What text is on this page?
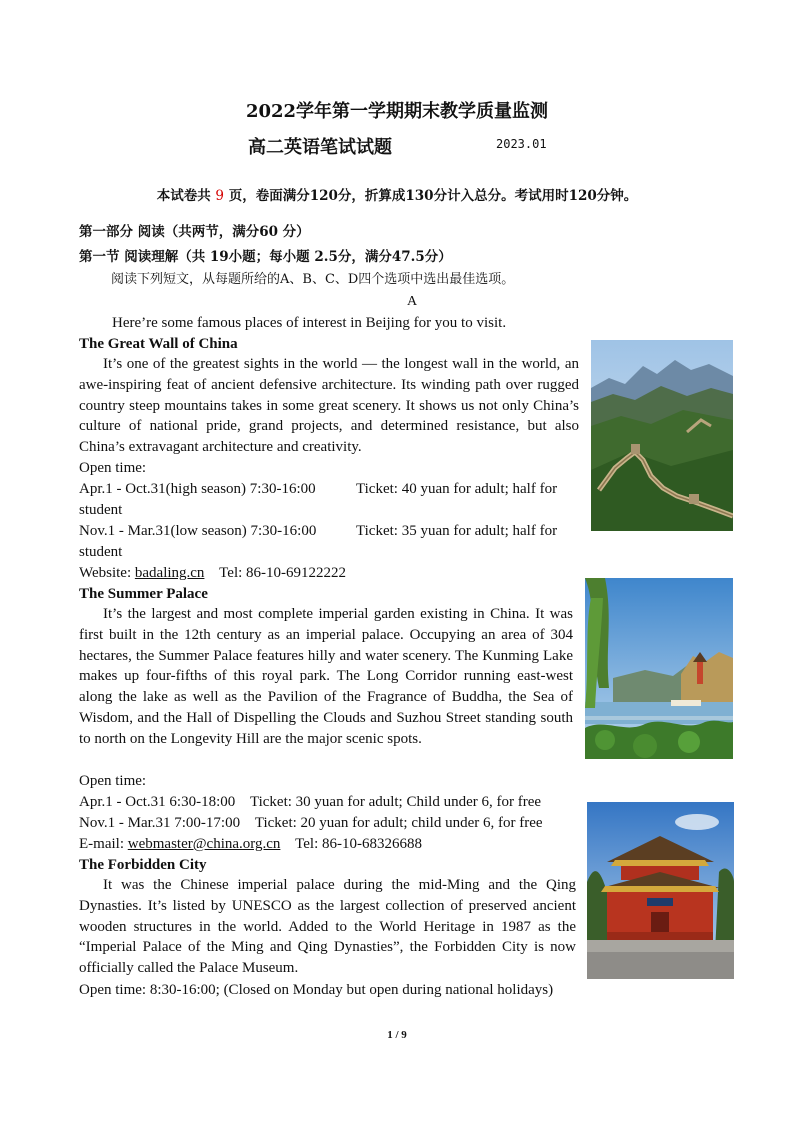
2022学年第一学期期末教学质量监测
高二英语笔试试题	2023.01
本试卷共 9 页，卷面满分120分，折算成130分计入总分。考试用时120分钟。
第一部分 阅读（共两节，满分60 分）
第一节 阅读理解（共 19小题；每小题 2.5分，满分47.5分）
阅读下列短文，从每题所给的A、B、C、D四个选项中选出最佳选项。
A
Here’re some famous places of interest in Beijing for you to visit.
The Great Wall of China
It’s one of the greatest sights in the world — the longest wall in the world, an awe-inspiring feat of ancient defensive architecture. Its winding path over rugged country steep mountains takes in some great scenery. It shows us not only China’s culture of national pride, grand projects, and determined resistance, but also China’s extravagant architecture and creativity.
Open time:
Apr.1 - Oct.31(high season) 7:30-16:00	Ticket: 40 yuan for adult; half for
student
Nov.1 - Mar.31(low season) 7:30-16:00	Ticket: 35 yuan for adult; half for
student
Website: badaling.cn Tel: 86-10-69122222
The Summer Palace
It’s the largest and most complete imperial garden existing in China. It was first built in the 12th century as an imperial palace. Occupying an area of 304 hectares, the Summer Palace features hilly and water scenery. The Kunming Lake makes up four-fifths of this royal park. The Long Corridor running east-west along the lake as well as the Pavilion of the Fragrance of Buddha, the Sea of Wisdom, and the Hall of Dispelling the Clouds and Suzhou Street standing south to north on the Longevity Hill are the major scenic spots.
Open time:
Apr.1 - Oct.31 6:30-18:00    Ticket: 30 yuan for adult; Child under 6, for free
Nov.1 - Mar.31 7:00-17:00    Ticket: 20 yuan for adult; child under 6, for free
E-mail: webmaster@china.org.cn Tel: 86-10-68326688
The Forbidden City
It was the Chinese imperial palace during the mid-Ming and the Qing Dynasties. It’s listed by UNESCO as the largest collection of preserved ancient wooden structures in the world. Added to the World Heritage in 1987 as the “Imperial Palace of the Ming and Qing Dynasties”, the Forbidden City is now officially called the Palace Museum.
Open time: 8:30-16:00; (Closed on Monday but open during national holidays)
1 / 9
